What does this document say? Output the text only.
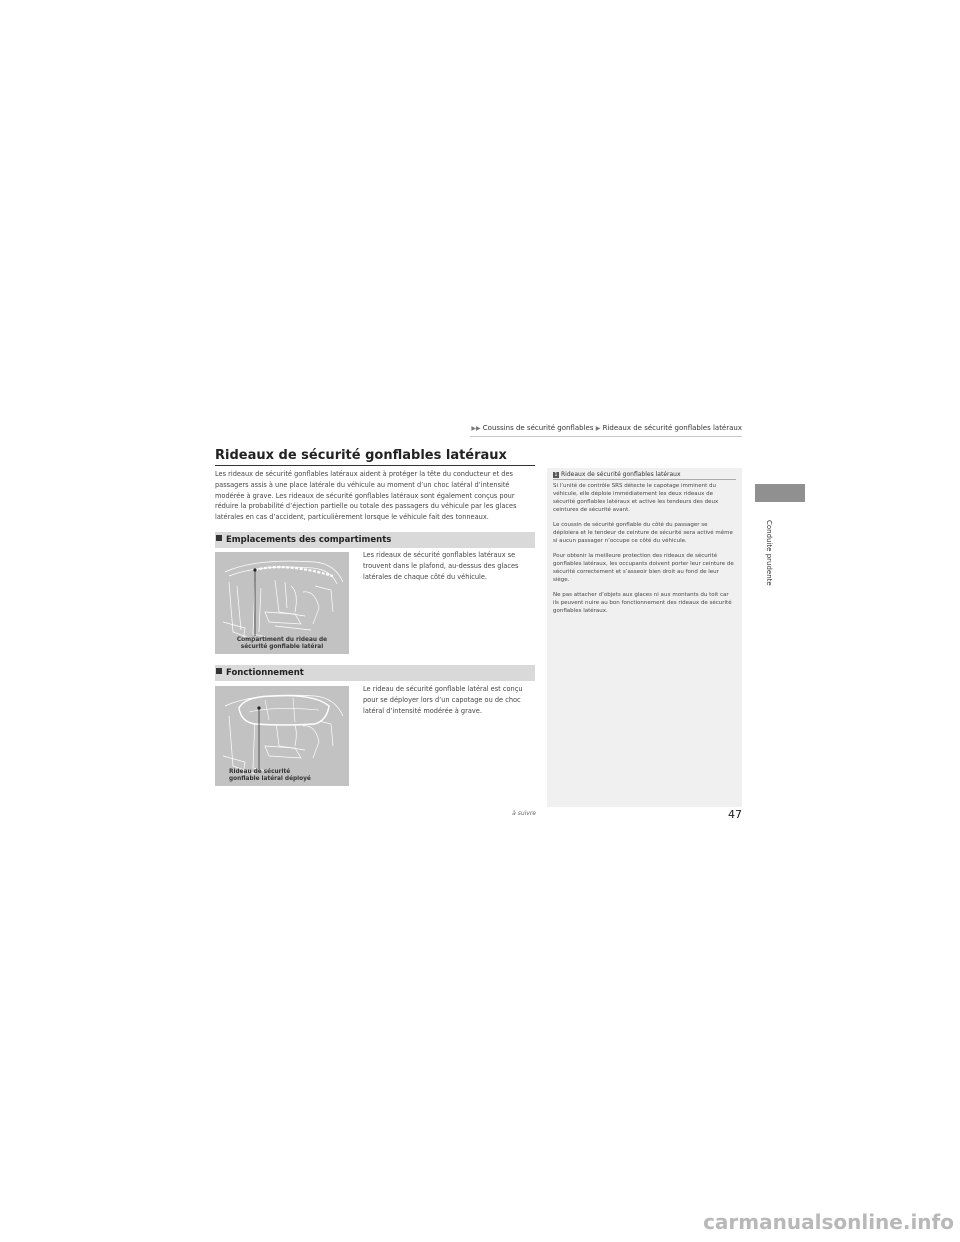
▶▶ Coussins de sécurité gonflables ▶ Rideaux de sécurité gonflables latéraux
Rideaux de sécurité gonflables latéraux
Les rideaux de sécurité gonflables latéraux aident à protéger la tête du conducteur et des passagers assis à une place latérale du véhicule au moment d’un choc latéral d’intensité modérée à grave. Les rideaux de sécurité gonflables latéraux sont également conçus pour réduire la probabilité d’éjection partielle ou totale des passagers du véhicule par les glaces latérales en cas d’accident, particulièrement lorsque le véhicule fait des tonneaux.
Emplacements des compartiments
Les rideaux de sécurité gonflables latéraux se trouvent dans le plafond, au-dessus des glaces latérales de chaque côté du véhicule.
Compartiment du rideau de
sécurité gonflable latéral
Fonctionnement
Le rideau de sécurité gonflable latéral est conçu pour se déployer lors d’un capotage ou de choc latéral d’intensité modérée à grave.
Rideau de sécurité
gonflable latéral déployé
1 Rideaux de sécurité gonflables latéraux

Si l’unité de contrôle SRS détecte le capotage imminent du véhicule, elle déploie immédiatement les deux rideaux de sécurité gonflables latéraux et active les tendeurs des deux ceintures de sécurité avant.

Le coussin de sécurité gonflable du côté du passager se déploiera et le tendeur de ceinture de sécurité sera activé même si aucun passager n’occupe ce côté du véhicule.

Pour obtenir la meilleure protection des rideaux de sécurité gonflables latéraux, les occupants doivent porter leur ceinture de sécurité correctement et s’asseoir bien droit au fond de leur siège.

Ne pas attacher d’objets aux glaces ni aux montants du toit car ils peuvent nuire au bon fonctionnement des rideaux de sécurité gonflables latéraux.

Conduite prudente
à suivre	47
carmanualsonline.info
